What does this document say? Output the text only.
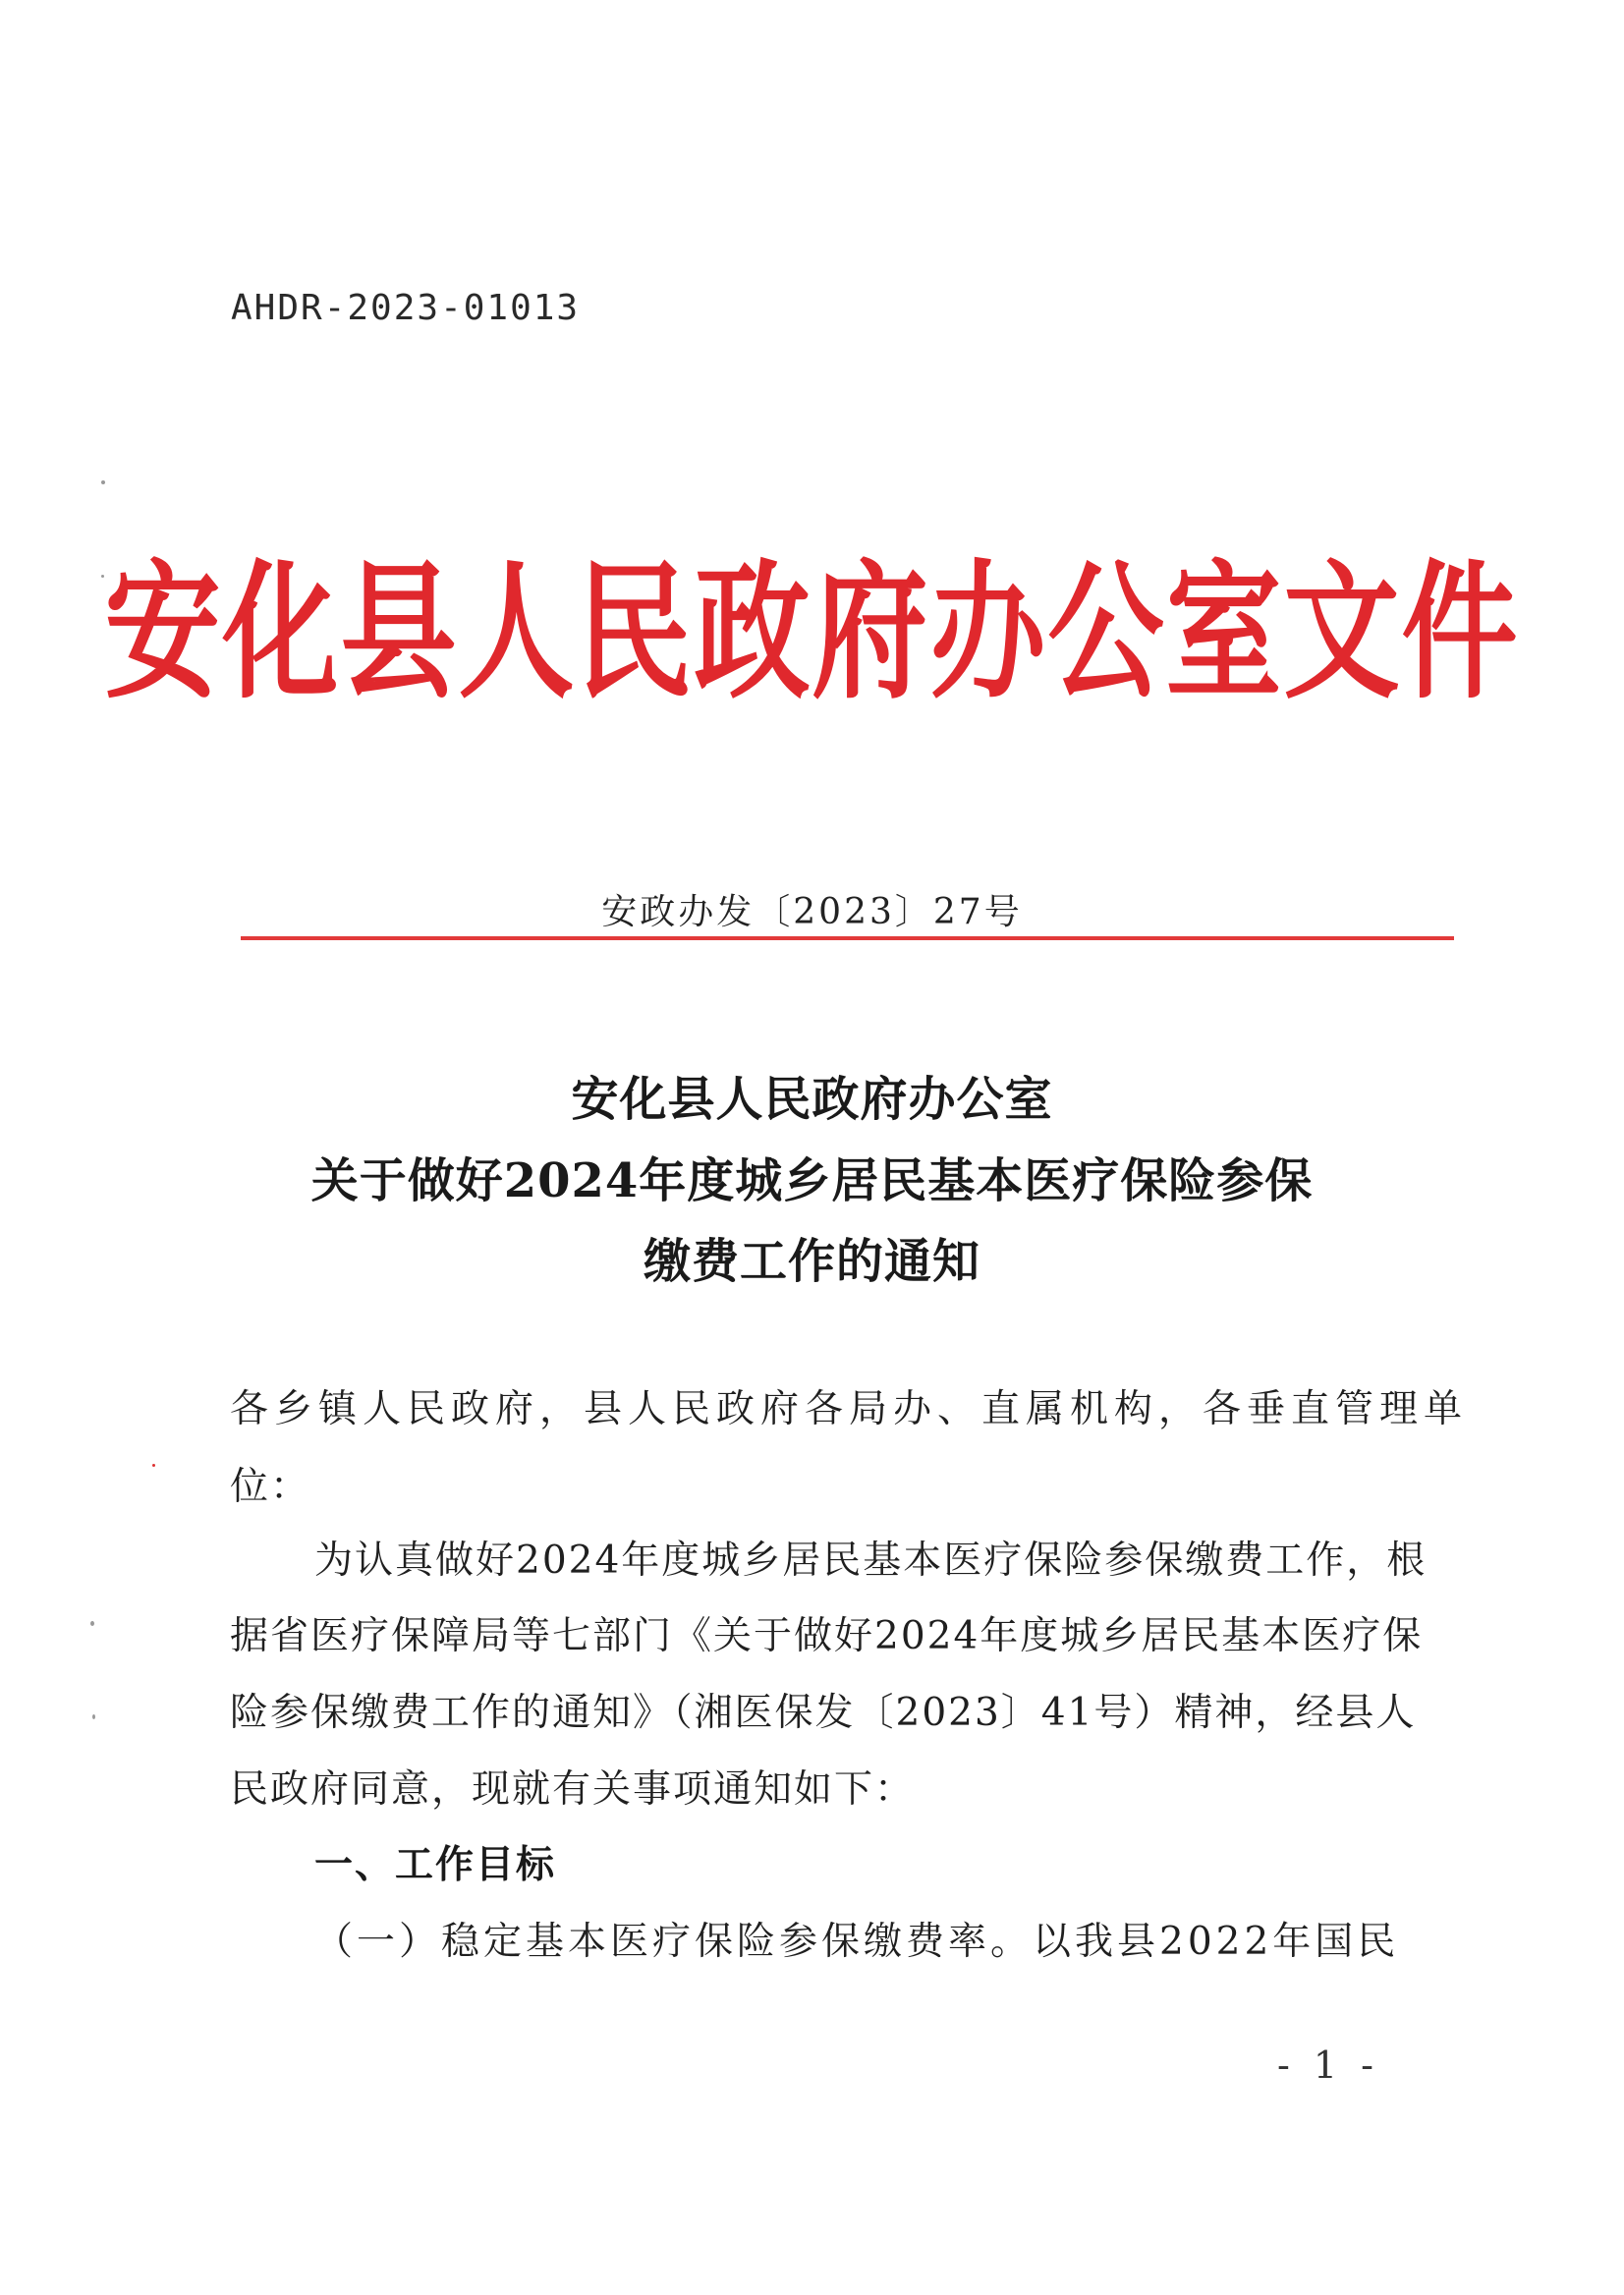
AHDR-2023-01013
安化县人民政府办公室文件
安政办发〔2023〕27号
安化县人民政府办公室
关于做好2024年度城乡居民基本医疗保险参保
缴费工作的通知
各乡镇人民政府，县人民政府各局办、直属机构，各垂直管理单
位：
为认真做好2024年度城乡居民基本医疗保险参保缴费工作，根
据省医疗保障局等七部门《关于做好2024年度城乡居民基本医疗保
险参保缴费工作的通知》（湘医保发〔2023〕41号）精神，经县人
民政府同意，现就有关事项通知如下：
一、工作目标
（一）稳定基本医疗保险参保缴费率。以我县2022年国民
- 1 -
